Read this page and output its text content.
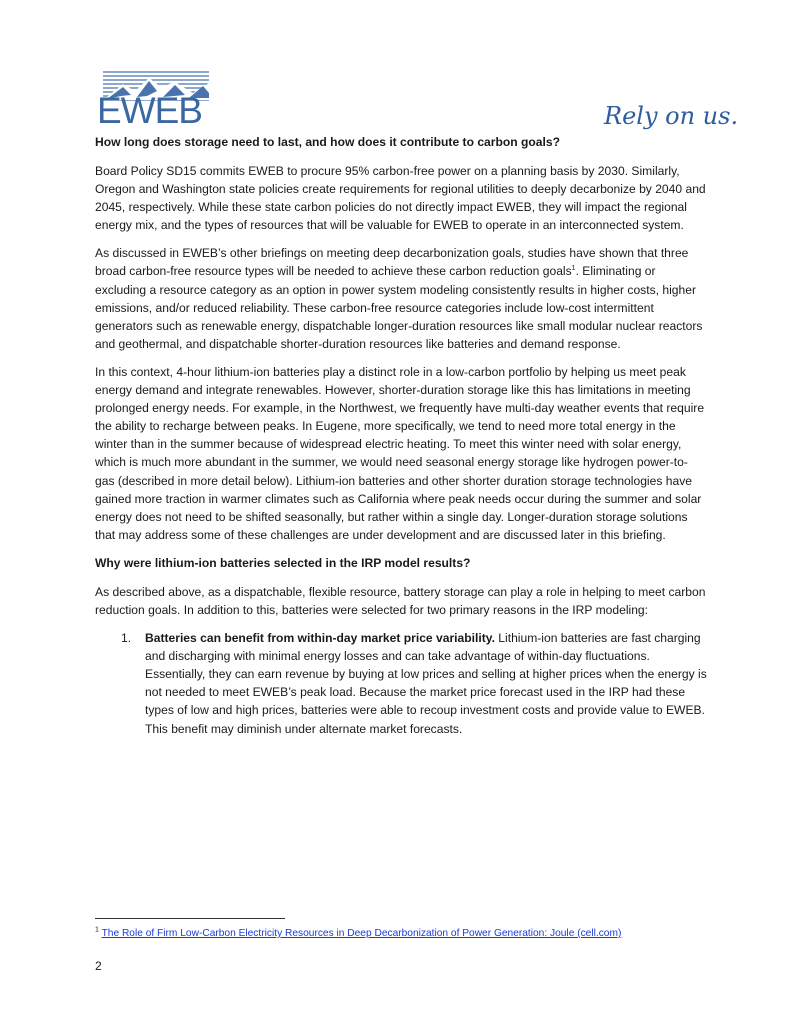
EWEB	Rely on us.
How long does storage need to last, and how does it contribute to carbon goals?

Board Policy SD15 commits EWEB to procure 95% carbon-free power on a planning basis by 2030. Similarly, Oregon and Washington state policies create requirements for regional utilities to deeply decarbonize by 2040 and 2045, respectively. While these state carbon policies do not directly impact EWEB, they will impact the regional energy mix, and the types of resources that will be valuable for EWEB to operate in an interconnected system.

As discussed in EWEB’s other briefings on meeting deep decarbonization goals, studies have shown that three broad carbon-free resource types will be needed to achieve these carbon reduction goals$^1$. Eliminating or excluding a resource category as an option in power system modeling consistently results in higher costs, higher emissions, and/or reduced reliability. These carbon-free resource categories include low-cost intermittent generators such as renewable energy, dispatchable longer-duration resources like small modular nuclear reactors and geothermal, and dispatchable shorter-duration resources like batteries and demand response.

In this context, 4-hour lithium-ion batteries play a distinct role in a low-carbon portfolio by helping us meet peak energy demand and integrate renewables. However, shorter-duration storage like this has limitations in meeting prolonged energy needs. For example, in the Northwest, we frequently have multi-day weather events that require the ability to recharge between peaks. In Eugene, more specifically, we tend to need more total energy in the winter than in the summer because of widespread electric heating. To meet this winter need with solar energy, which is much more abundant in the summer, we would need seasonal energy storage like hydrogen power-to-gas (described in more detail below). Lithium-ion batteries and other shorter duration storage technologies have gained more traction in warmer climates such as California where peak needs occur during the summer and solar energy does not need to be shifted seasonally, but rather within a single day. Longer-duration storage solutions that may address some of these challenges are under development and are discussed later in this briefing.

Why were lithium-ion batteries selected in the IRP model results?

As described above, as a dispatchable, flexible resource, battery storage can play a role in helping to meet carbon reduction goals. In addition to this, batteries were selected for two primary reasons in the IRP modeling:

1. Batteries can benefit from within-day market price variability. Lithium-ion batteries are fast charging and discharging with minimal energy losses and can take advantage of within-day fluctuations. Essentially, they can earn revenue by buying at low prices and selling at higher prices when the energy is not needed to meet EWEB’s peak load. Because the market price forecast used in the IRP had these types of low and high prices, batteries were able to recoup investment costs and provide value to EWEB. This benefit may diminish under alternate market forecasts.
$^1$ The Role of Firm Low-Carbon Electricity Resources in Deep Decarbonization of Power Generation: Joule (cell.com)
2
